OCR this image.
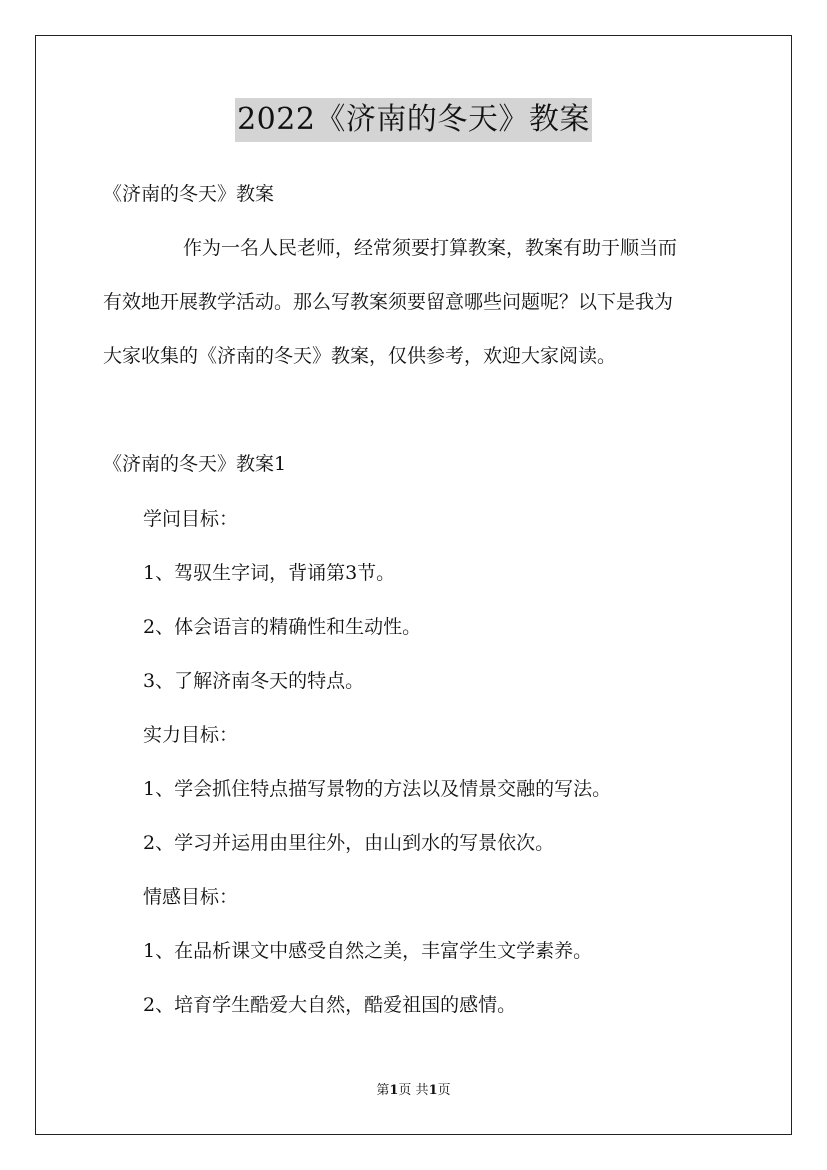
2022《济南的冬天》教案
《济南的冬天》教案
作为一名人民老师，经常须要打算教案，教案有助于顺当而
有效地开展教学活动。那么写教案须要留意哪些问题呢？以下是我为
大家收集的《济南的冬天》教案，仅供参考，欢迎大家阅读。
《济南的冬天》教案1
学问目标：
1、驾驭生字词，背诵第3节。
2、体会语言的精确性和生动性。
3、了解济南冬天的特点。
实力目标：
1、学会抓住特点描写景物的方法以及情景交融的写法。
2、学习并运用由里往外，由山到水的写景依次。
情感目标：
1、在品析课文中感受自然之美，丰富学生文学素养。
2、培育学生酷爱大自然，酷爱祖国的感情。
第1页 共1页
